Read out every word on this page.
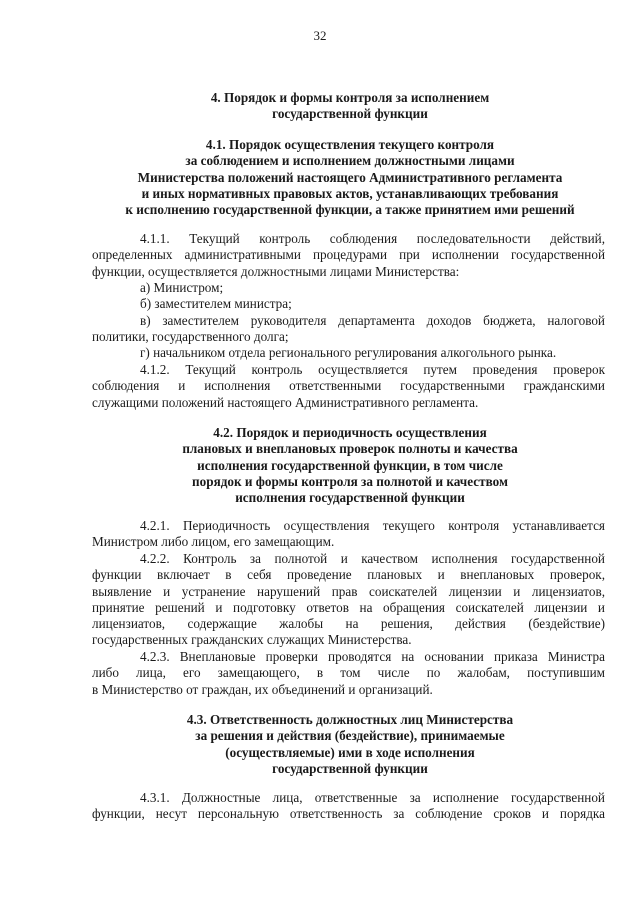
32
4. Порядок и формы контроля за исполнением
государственной функции
4.1. Порядок осуществления текущего контроля
за соблюдением и исполнением должностными лицами
Министерства положений настоящего Административного регламента
и иных нормативных правовых актов, устанавливающих требования
к исполнению государственной функции, а также принятием ими решений
4.1.1. Текущий контроль соблюдения последовательности действий,
определенных административными процедурами при исполнении государственной
функции, осуществляется должностными лицами Министерства:
а) Министром;
б) заместителем министра;
в) заместителем руководителя департамента доходов бюджета, налоговой
политики, государственного долга;
г) начальником отдела регионального регулирования алкогольного рынка.
4.1.2. Текущий контроль осуществляется путем проведения проверок
соблюдения и исполнения ответственными государственными гражданскими
служащими положений настоящего Административного регламента.
4.2. Порядок и периодичность осуществления
плановых и внеплановых проверок полноты и качества
исполнения государственной функции, в том числе
порядок и формы контроля за полнотой и качеством
исполнения государственной функции
4.2.1. Периодичность осуществления текущего контроля устанавливается
Министром либо лицом, его замещающим.
4.2.2. Контроль за полнотой и качеством исполнения государственной
функции включает в себя проведение плановых и внеплановых проверок,
выявление и устранение нарушений прав соискателей лицензии и лицензиатов,
принятие решений и подготовку ответов на обращения соискателей лицензии и
лицензиатов, содержащие жалобы на решения, действия (бездействие)
государственных гражданских служащих Министерства.
4.2.3. Внеплановые проверки проводятся на основании приказа Министра
либо лица, его замещающего, в том числе по жалобам, поступившим
в Министерство от граждан, их объединений и организаций.
4.3. Ответственность должностных лиц Министерства
за решения и действия (бездействие), принимаемые
(осуществляемые) ими в ходе исполнения
государственной функции
4.3.1. Должностные лица, ответственные за исполнение государственной
функции, несут персональную ответственность за соблюдение сроков и порядка
